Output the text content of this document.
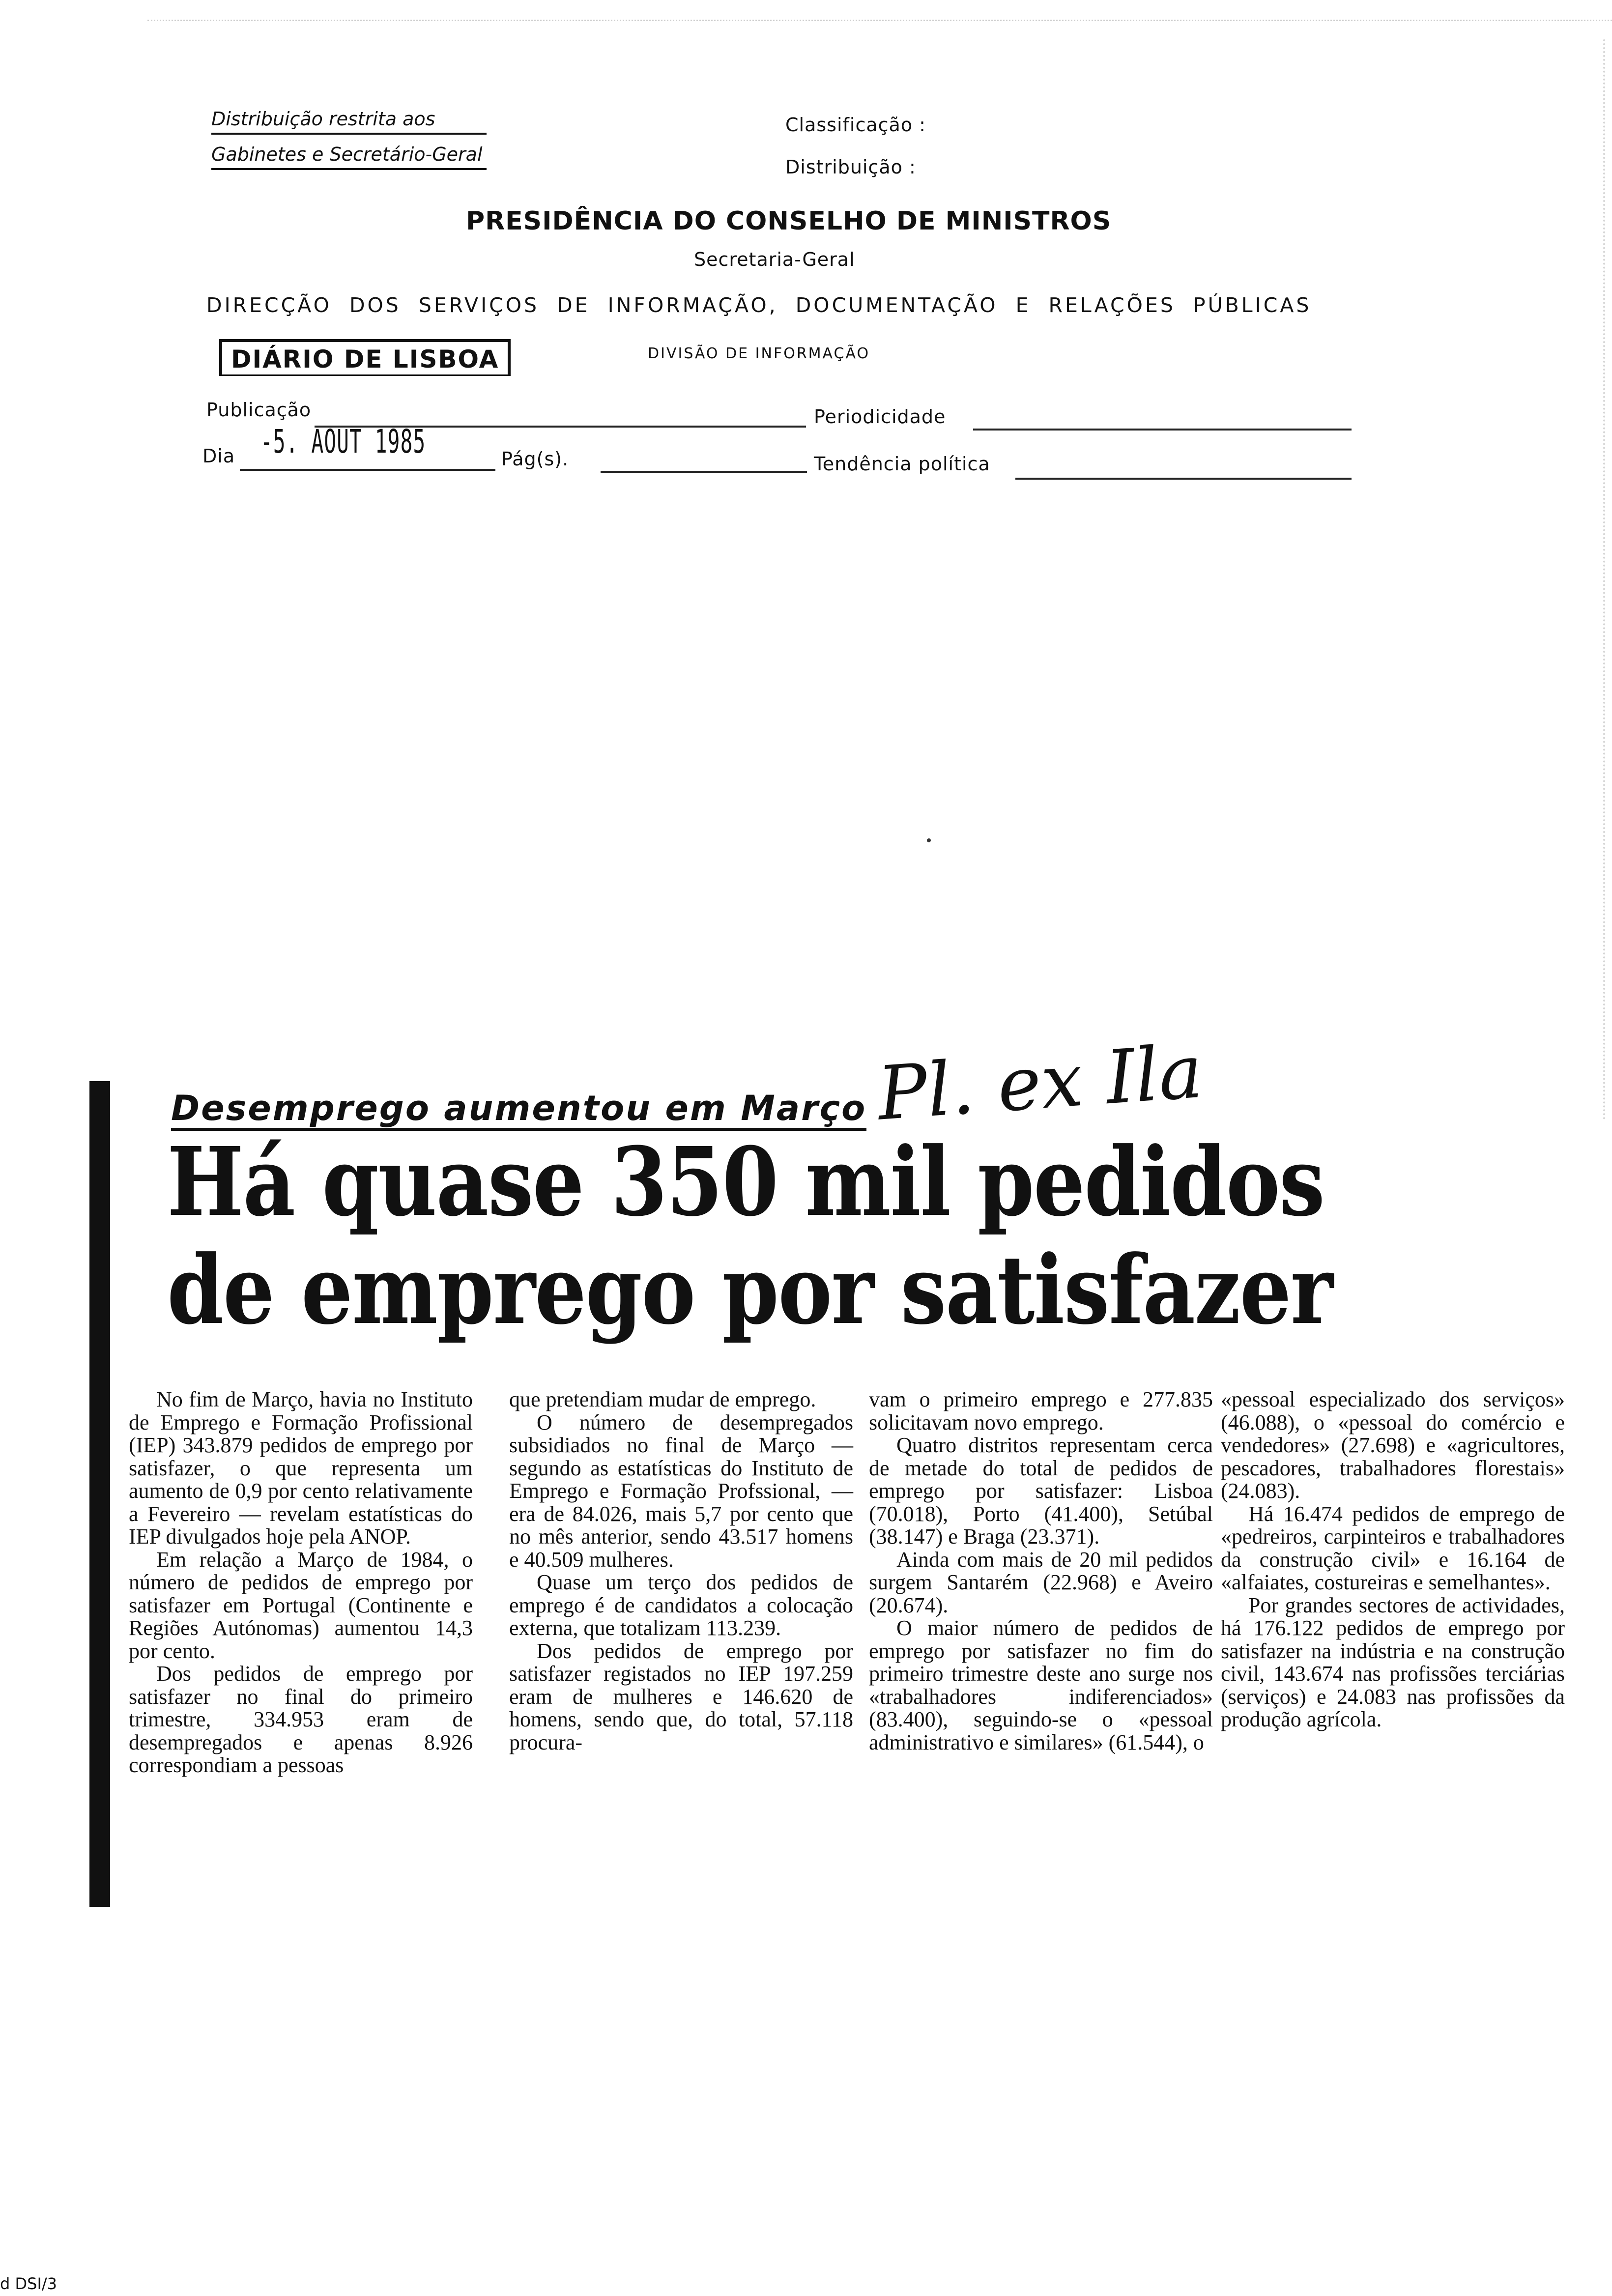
Distribuição restrita aos
Gabinetes e Secretário-Geral
Classificação :
Distribuição :
PRESIDÊNCIA DO CONSELHO DE MINISTROS
Secretaria-Geral
DIRECÇÃO DOS SERVIÇOS DE INFORMAÇÃO, DOCUMENTAÇÃO E RELAÇÕES PÚBLICAS
DIÁRIO DE LISBOA	DIVISÃO DE INFORMAÇÃO
Publicação	Periodicidade
Dia -5. AOUT 1985	Pág(s).	Tendência política
Desemprego aumentou em Março Pl. ex Ila
Há quase 350 mil pedidos
de emprego por satisfazer

No fim de Março, havia no Instituto de Emprego e Formação Profissional (IEP) 343.879 pedidos de emprego por satisfazer, o que representa um aumento de 0,9 por cento relativamente a Fevereiro — revelam estatísticas do IEP divulgados hoje pela ANOP.

Em relação a Março de 1984, o número de pedidos de emprego por satisfazer em Portugal (Continente e Regiões Autónomas) aumentou 14,3 por cento.

Dos pedidos de emprego por satisfazer no final do primeiro trimestre, 334.953 eram de desempregados e apenas 8.926 correspondiam a pessoas

que pretendiam mudar de emprego.

O número de desempregados subsidiados no final de Março — segundo as estatísticas do Instituto de Emprego e Formação Profssional, — era de 84.026, mais 5,7 por cento que no mês anterior, sendo 43.517 homens e 40.509 mulheres.

Quase um terço dos pedidos de emprego é de candidatos a colocação externa, que totalizam 113.239.

Dos pedidos de emprego por satisfazer registados no IEP 197.259 eram de mulheres e 146.620 de homens, sendo que, do total, 57.118 procura-

vam o primeiro emprego e 277.835 solicitavam novo emprego.

Quatro distritos representam cerca de metade do total de pedidos de emprego por satisfazer: Lisboa (70.018), Porto (41.400), Setúbal (38.147) e Braga (23.371).

Ainda com mais de 20 mil pedidos surgem Santarém (22.968) e Aveiro (20.674).

O maior número de pedidos de emprego por satisfazer no fim do primeiro trimestre deste ano surge nos «trabalhadores indiferenciados» (83.400), seguindo-se o «pessoal administrativo e similares» (61.544), o

«pessoal especializado dos serviços» (46.088), o «pessoal do comércio e vendedores» (27.698) e «agricultores, pescadores, trabalhadores florestais» (24.083).

Há 16.474 pedidos de emprego de «pedreiros, carpinteiros e trabalhadores da construção civil» e 16.164 de «alfaiates, costureiras e semelhantes».

Por grandes sectores de actividades, há 176.122 pedidos de emprego por satisfazer na indústria e na construção civil, 143.674 nas profissões terciárias (serviços) e 24.083 nas profissões da produção agrícola.

d DSI/3
